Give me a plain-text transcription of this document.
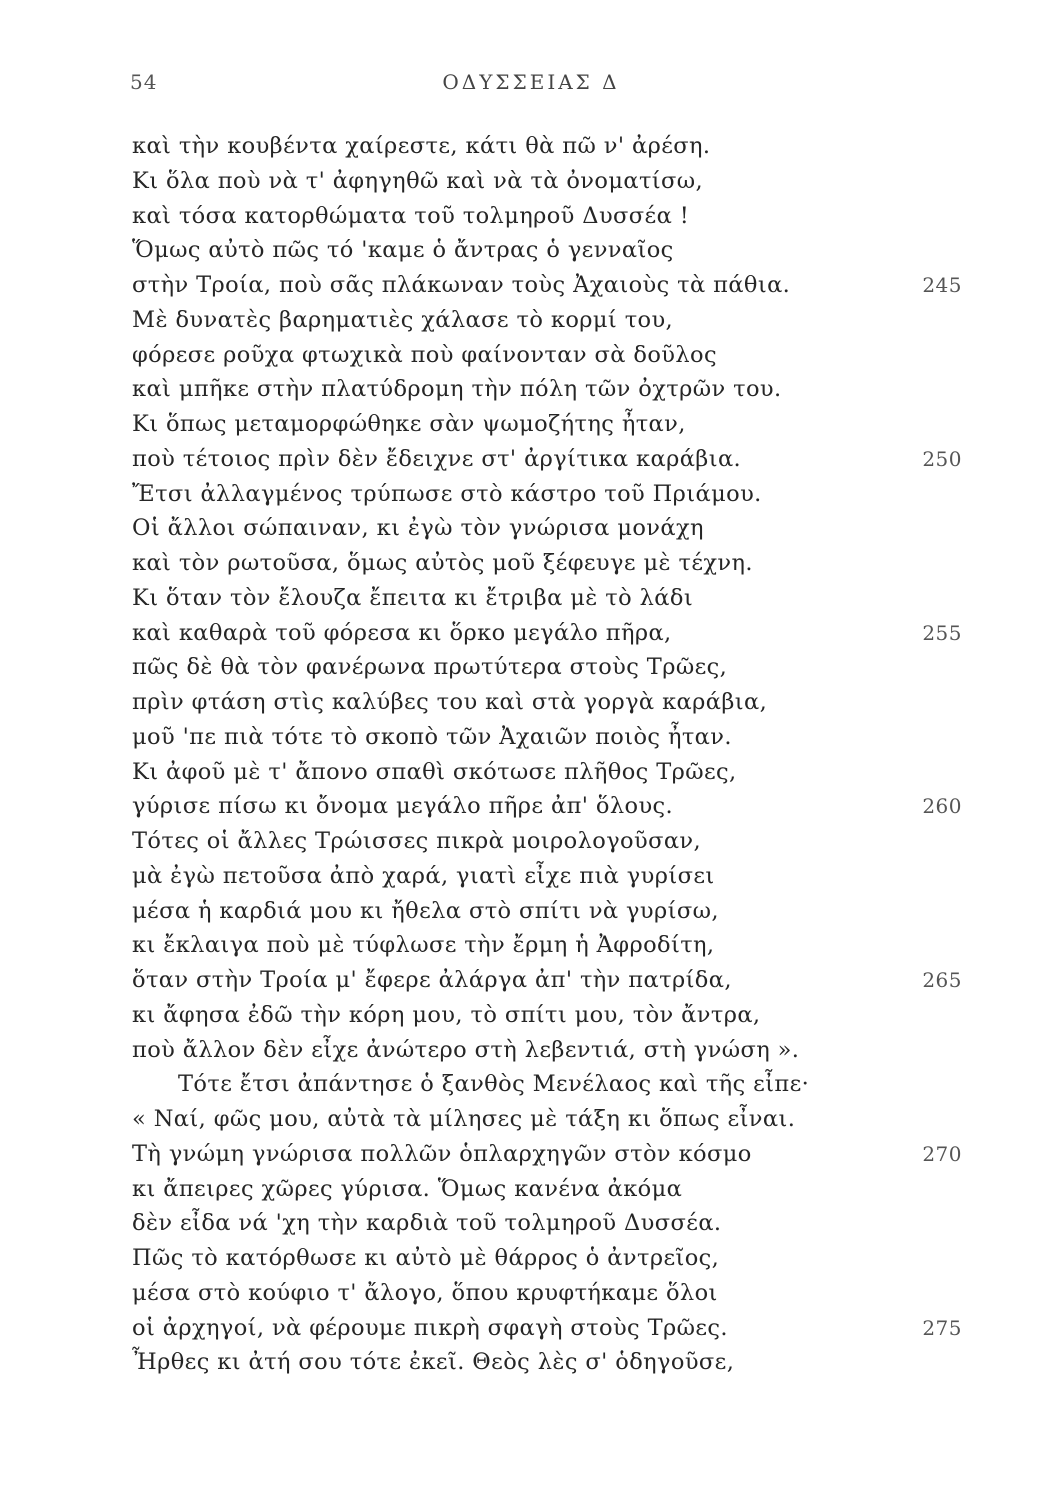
54	ΟΔΥΣΣΕΙΑΣ Δ
καὶ τὴν κουβέντα χαίρεστε, κάτι θὰ πῶ ν' ἀρέση.
Κι ὅλα ποὺ νὰ τ' ἀφηγηθῶ καὶ νὰ τὰ ὀνοματίσω,
καὶ τόσα κατορθώματα τοῦ τολμηροῦ Δυσσέα !
Ὅμως αὐτὸ πῶς τό 'καμε ὁ ἄντρας ὁ γενναῖος
στὴν Τροία, ποὺ σᾶς πλάκωναν τοὺς Ἀχαιοὺς τὰ πάθια.	245
Μὲ δυνατὲς βαρηματιὲς χάλασε τὸ κορμί του,
φόρεσε ροῦχα φτωχικὰ ποὺ φαίνονταν σὰ δοῦλος
καὶ μπῆκε στὴν πλατύδρομη τὴν πόλη τῶν ὀχτρῶν του.
Κι ὅπως μεταμορφώθηκε σὰν ψωμοζήτης ἦταν,
ποὺ τέτοιος πρὶν δὲν ἔδειχνε στ' ἀργίτικα καράβια.	250
Ἔτσι ἀλλαγμένος τρύπωσε στὸ κάστρο τοῦ Πριάμου.
Οἱ ἄλλοι σώπαιναν, κι ἐγὼ τὸν γνώρισα μονάχη
καὶ τὸν ρωτοῦσα, ὅμως αὐτὸς μοῦ ξέφευγε μὲ τέχνη.
Κι ὅταν τὸν ἔλουζα ἔπειτα κι ἔτριβα μὲ τὸ λάδι
καὶ καθαρὰ τοῦ φόρεσα κι ὅρκο μεγάλο πῆρα,	255
πῶς δὲ θὰ τὸν φανέρωνα πρωτύτερα στοὺς Τρῶες,
πρὶν φτάση στὶς καλύβες του καὶ στὰ γοργὰ καράβια,
μοῦ 'πε πιὰ τότε τὸ σκοπὸ τῶν Ἀχαιῶν ποιὸς ἦταν.
Κι ἀφοῦ μὲ τ' ἄπονο σπαθὶ σκότωσε πλῆθος Τρῶες,
γύρισε πίσω κι ὄνομα μεγάλο πῆρε ἀπ' ὅλους.	260
Τότες οἱ ἄλλες Τρώισσες πικρὰ μοιρολογοῦσαν,
μὰ ἐγὼ πετοῦσα ἀπὸ χαρά, γιατὶ εἶχε πιὰ γυρίσει
μέσα ἡ καρδιά μου κι ἤθελα στὸ σπίτι νὰ γυρίσω,
κι ἔκλαιγα ποὺ μὲ τύφλωσε τὴν ἔρμη ἡ Ἀφροδίτη,
ὅταν στὴν Τροία μ' ἔφερε ἀλάργα ἀπ' τὴν πατρίδα,	265
κι ἄφησα ἐδῶ τὴν κόρη μου, τὸ σπίτι μου, τὸν ἄντρα,
ποὺ ἄλλον δὲν εἶχε ἀνώτερο στὴ λεβεντιά, στὴ γνώση ».
Τότε ἔτσι ἀπάντησε ὁ ξανθὸς Μενέλαος καὶ τῆς εἶπε·
« Ναί, φῶς μου, αὐτὰ τὰ μίλησες μὲ τάξη κι ὅπως εἶναι.
Τὴ γνώμη γνώρισα πολλῶν ὁπλαρχηγῶν στὸν κόσμο	270
κι ἄπειρες χῶρες γύρισα. Ὅμως κανένα ἀκόμα
δὲν εἶδα νά 'χη τὴν καρδιὰ τοῦ τολμηροῦ Δυσσέα.
Πῶς τὸ κατόρθωσε κι αὐτὸ μὲ θάρρος ὁ ἀντρεῖος,
μέσα στὸ κούφιο τ' ἄλογο, ὅπου κρυφτήκαμε ὅλοι
οἱ ἀρχηγοί, νὰ φέρουμε πικρὴ σφαγὴ στοὺς Τρῶες.	275
Ἦρθες κι ἀτή σου τότε ἐκεῖ. Θεὸς λὲς σ' ὁδηγοῦσε,
